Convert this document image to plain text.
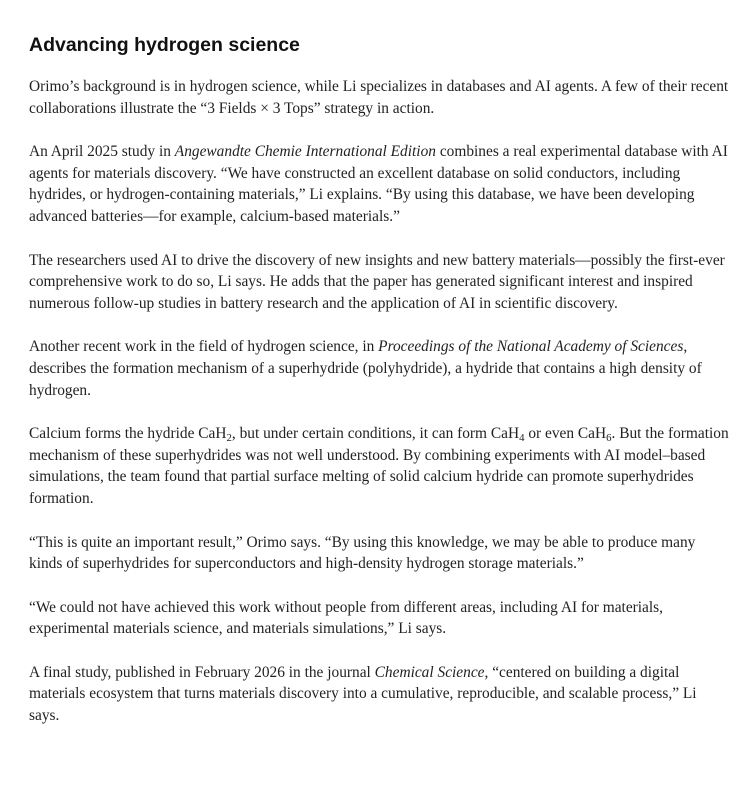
Advancing hydrogen science

Orimo’s background is in hydrogen science, while Li specializes in databases and AI agents. A few of their recent collaborations illustrate the “3 Fields × 3 Tops” strategy in action.

An April 2025 study in Angewandte Chemie International Edition combines a real experimental database with AI agents for materials discovery. “We have constructed an excellent database on solid conductors, including hydrides, or hydrogen-containing materials,” Li explains. “By using this database, we have been developing advanced batteries—for example, calcium-based materials.”

The researchers used AI to drive the discovery of new insights and new battery materials—possibly the first-ever comprehensive work to do so, Li says. He adds that the paper has generated significant interest and inspired numerous follow-up studies in battery research and the application of AI in scientific discovery.

Another recent work in the field of hydrogen science, in Proceedings of the National Academy of Sciences, describes the formation mechanism of a superhydride (polyhydride), a hydride that contains a high density of hydrogen.

Calcium forms the hydride CaH$_2$, but under certain conditions, it can form CaH$_4$ or even CaH$_6$. But the formation mechanism of these superhydrides was not well understood. By combining experiments with AI model–based simulations, the team found that partial surface melting of solid calcium hydride can promote superhydrides formation.

“This is quite an important result,” Orimo says. “By using this knowledge, we may be able to produce many kinds of superhydrides for superconductors and high-density hydrogen storage materials.”

“We could not have achieved this work without people from different areas, including AI for materials, experimental materials science, and materials simulations,” Li says.

A final study, published in February 2026 in the journal Chemical Science, “centered on building a digital materials ecosystem that turns materials discovery into a cumulative, reproducible, and scalable process,” Li says.
